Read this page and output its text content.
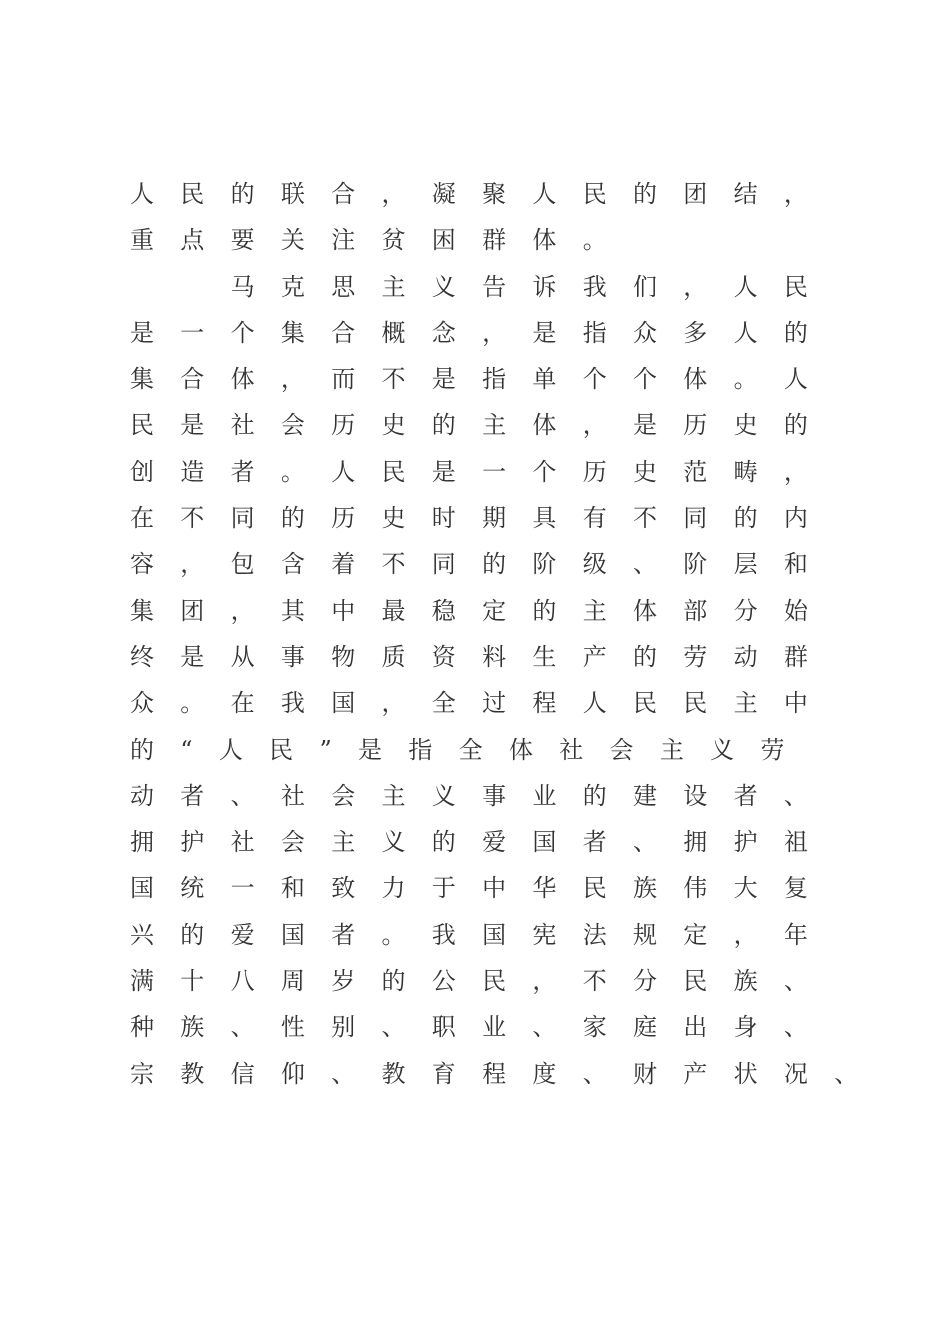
人民的联合，凝聚人民的团结，
重点要关注贫困群体。
　　马克思主义告诉我们，人民
是一个集合概念，是指众多人的
集合体，而不是指单个个体。人
民是社会历史的主体，是历史的
创造者。人民是一个历史范畴，
在不同的历史时期具有不同的内
容，包含着不同的阶级、阶层和
集团，其中最稳定的主体部分始
终是从事物质资料生产的劳动群
众。在我国，全过程人民民主中
的“人民”是指全体社会主义劳
动者、社会主义事业的建设者、
拥护社会主义的爱国者、拥护祖
国统一和致力于中华民族伟大复
兴的爱国者。我国宪法规定，年
满十八周岁的公民，不分民族、
种族、性别、职业、家庭出身、
宗教信仰、教育程度、财产状况、
